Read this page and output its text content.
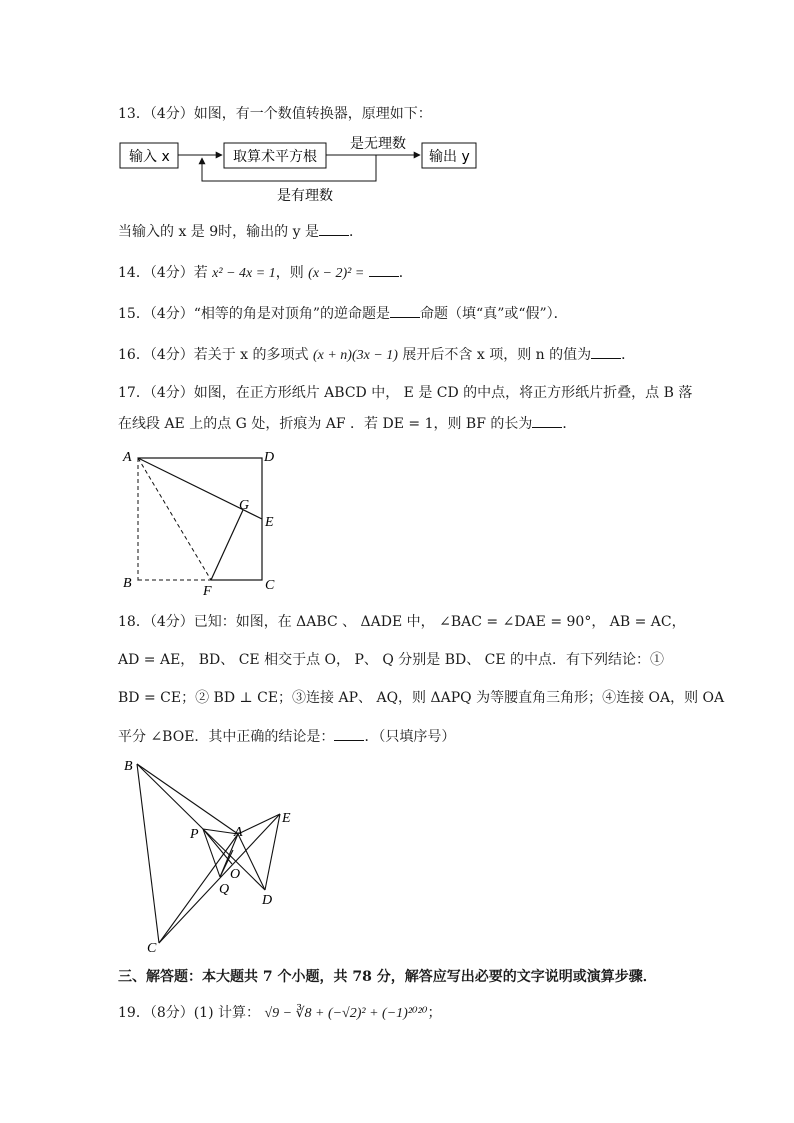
13．（4分）如图，有一个数值转换器，原理如下：
输入 x	取算术平方根
是无理数
输出 y
是有理数
当输入的 x 是 9时，输出的 y 是 ．
14．（4分）若 x² − 4x = 1，则 (x − 2)² = ．
15．（4分）“相等的角是对顶角”的逆命题是 命题（填“真”或“假”）．
16．（4分）若关于 x 的多项式 (x + n)(3x − 1) 展开后不含 x 项，则 n 的值为 ．
17．（4分）如图，在正方形纸片 ABCD 中， E 是 CD 的中点，将正方形纸片折叠，点 B 落
在线段 AE 上的点 G 处，折痕为 AF ．若 DE = 1，则 BF 的长为 ．
A	D
G
E
B	C
F
18．（4分）已知：如图，在 ΔABC 、 ΔADE 中， ∠BAC = ∠DAE = 90°， AB = AC，
AD = AE， BD、 CE 相交于点 O， P、 Q 分别是 BD、 CE 的中点．有下列结论：①
BD = CE；② BD ⊥ CE；③连接 AP、 AQ，则 ΔAPQ 为等腰直角三角形；④连接 OA，则 OA
平分 ∠BOE．其中正确的结论是： ．（只填序号）
B
P	A
E
O
Q
D
C
三、解答题：本大题共 7 个小题，共 78 分，解答应写出必要的文字说明或演算步骤．
19．（8分）(1) 计算： √9 − ∛8 + (−√2)² + (−1)²⁰²⁰；
